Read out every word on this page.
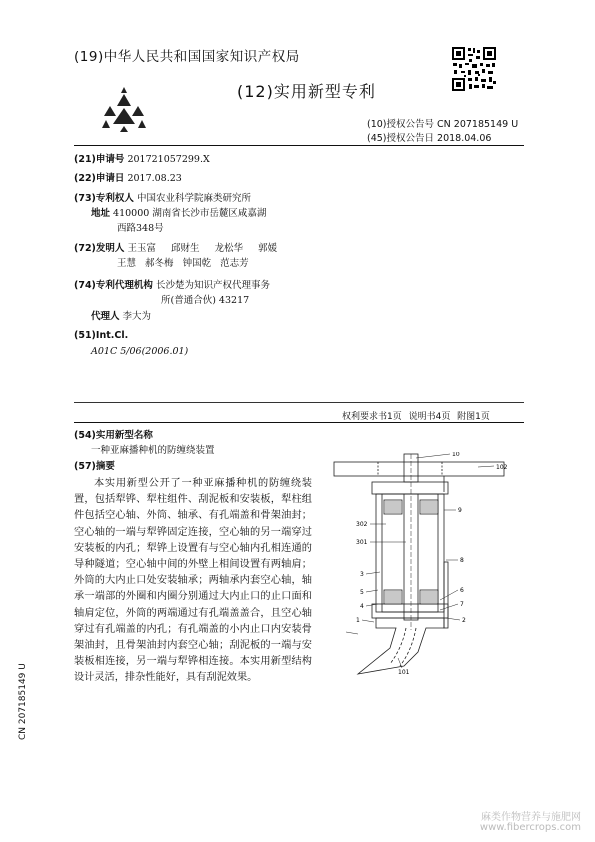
(19)中华人民共和国国家知识产权局
(12)实用新型专利
(10)授权公告号 CN 207185149 U
(45)授权公告日 2018.04.06
(21)申请号 201721057299.X
(22)申请日 2017.08.23
(73)专利权人 中国农业科学院麻类研究所
地址 410000 湖南省长沙市岳麓区咸嘉湖
西路348号
(72)发明人 王玉富   邱财生   龙松华   郭媛
王慧   郝冬梅   钟国乾   范志芳
(74)专利代理机构 长沙楚为知识产权代理事务
所(普通合伙) 43217
代理人 李大为
(51)Int.Cl.
A01C 5/06(2006.01)
权利要求书1页 说明书4页 附图1页
(54)实用新型名称
一种亚麻播种机的防缠绕装置
(57)摘要
本实用新型公开了一种亚麻播种机的防缠绕装置，包括犁铧、犁柱组件、刮泥板和安装板，犁柱组件包括空心轴、外筒、轴承、有孔端盖和骨架油封；空心轴的一端与犁铧固定连接，空心轴的另一端穿过安装板的内孔；犁铧上设置有与空心轴内孔相连通的导种隧道；空心轴中间的外壁上相间设置有两轴肩；外筒的大内止口处安装轴承；两轴承内套空心轴，轴承一端部的外圈和内圈分别通过大内止口的止口面和轴肩定位，外筒的两端通过有孔端盖盖合，且空心轴穿过有孔端盖的内孔；有孔端盖的小内止口内安装骨架油封，且骨架油封内套空心轴；刮泥板的一端与安装板相连接，另一端与犁铧相连接。本实用新型结构设计灵活，排杂性能好，具有刮泥效果。
10
102
302
301
9
8
3
5
4
6
7
2
1
101
CN 207185149 U
麻类作物营养与施肥网
www.fibercrops.com
